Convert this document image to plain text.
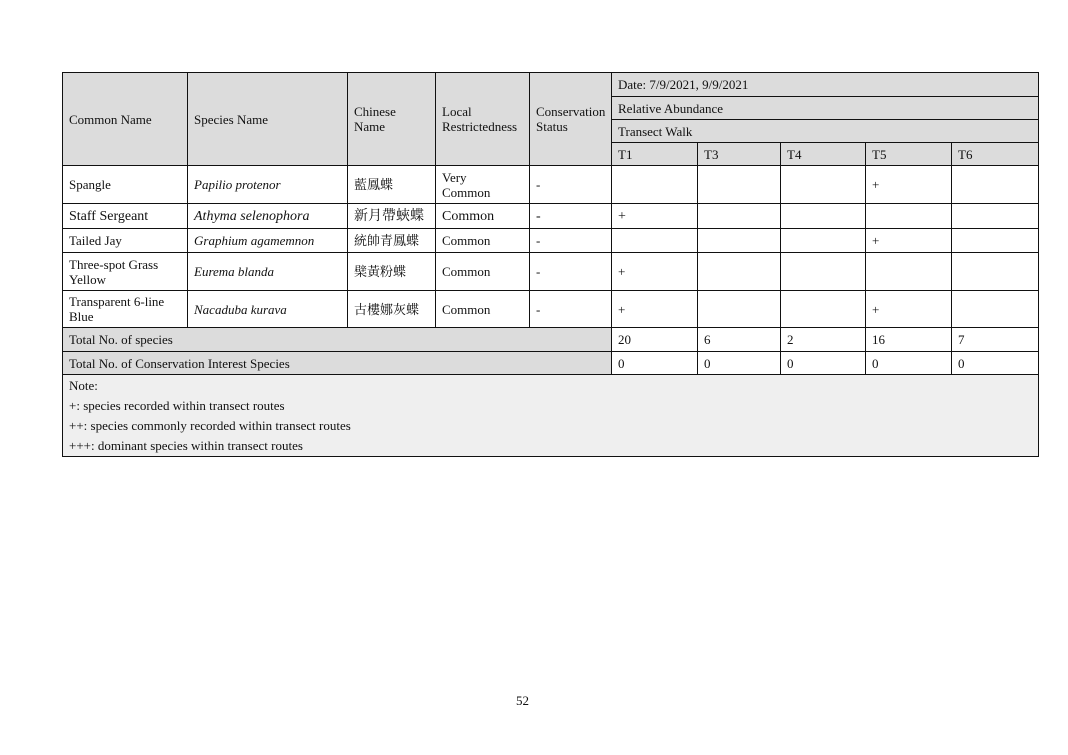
Common Name	Species Name	Chinese Name	Local Restrictedness	Conservation Status	Date: 7/9/2021, 9/9/2021				
					Relative Abundance				
					Transect Walk				
					T1	T3	T4	T5	T6
Spangle	Papilio protenor	藍鳳蝶	Very Common	-				+	
Staff Sergeant	Athyma selenophora	新月帶蛺蝶	Common	-	+				
Tailed Jay	Graphium agamemnon	統帥青鳳蝶	Common	-				+	
Three-spot Grass Yellow	Eurema blanda	檗黃粉蝶	Common	-	+				
Transparent 6-line Blue	Nacaduba kurava	古樓娜灰蝶	Common	-	+			+	
Total No. of species					20	6	2	16	7
Total No. of Conservation Interest Species					0	0	0	0	0

Note:
+: species recorded within transect routes
++: species commonly recorded within transect routes
+++: dominant species within transect routes									
52
